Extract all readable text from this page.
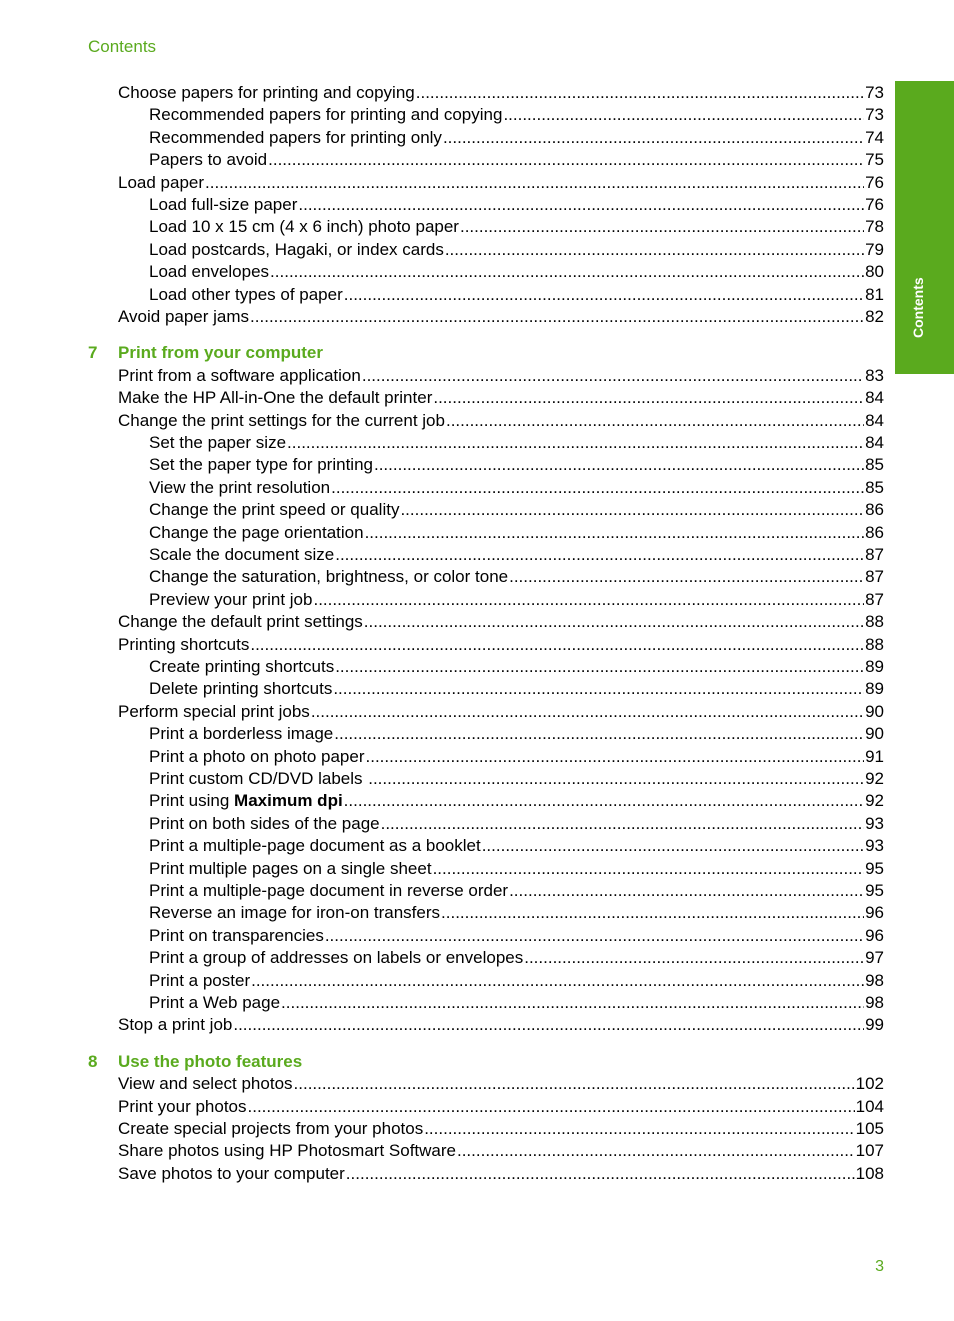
Contents
Contents
Choose papers for printing and copying .....	73
Recommended papers for printing and copying .....	73
Recommended papers for printing only .....	74
Papers to avoid .....	75
Load paper .....	76
Load full-size paper .....	76
Load 10 x 15 cm (4 x 6 inch) photo paper .....	78
Load postcards, Hagaki, or index cards .....	79
Load envelopes .....	80
Load other types of paper .....	81
Avoid paper jams .....	82
7 Print from your computer
Print from a software application .....	83
Make the HP All-in-One the default printer .....	84
Change the print settings for the current job .....	84
Set the paper size .....	84
Set the paper type for printing .....	85
View the print resolution .....	85
Change the print speed or quality .....	86
Change the page orientation .....	86
Scale the document size .....	87
Change the saturation, brightness, or color tone .....	87
Preview your print job .....	87
Change the default print settings .....	88
Printing shortcuts .....	88
Create printing shortcuts .....	89
Delete printing shortcuts .....	89
Perform special print jobs .....	90
Print a borderless image .....	90
Print a photo on photo paper .....	91
Print custom CD/DVD labels .....	92
Print using Maximum dpi .....	92
Print on both sides of the page .....	93
Print a multiple-page document as a booklet .....	93
Print multiple pages on a single sheet .....	95
Print a multiple-page document in reverse order .....	95
Reverse an image for iron-on transfers .....	96
Print on transparencies .....	96
Print a group of addresses on labels or envelopes .....	97
Print a poster .....	98
Print a Web page .....	98
Stop a print job .....	99
8 Use the photo features
View and select photos .....	102
Print your photos .....	104
Create special projects from your photos .....	105
Share photos using HP Photosmart Software .....	107
Save photos to your computer .....	108
3
